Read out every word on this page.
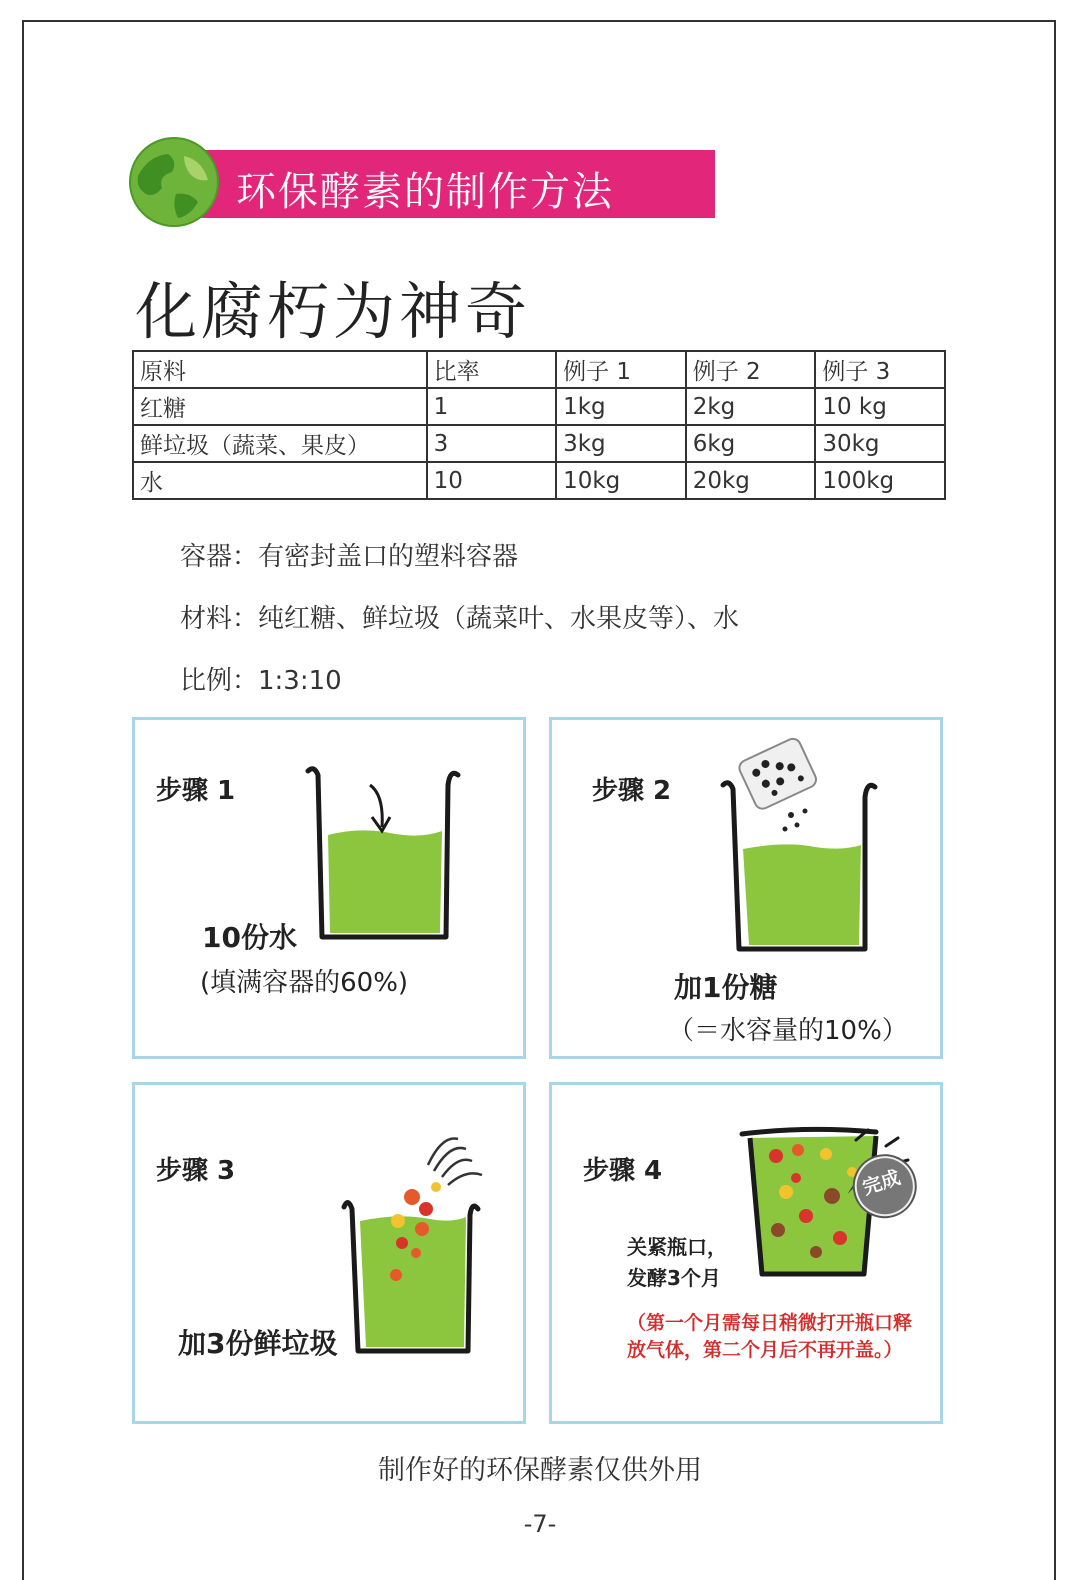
环保酵素的制作方法
化腐朽为神奇
原料	比率	例子 1	例子 2	例子 3
红糖	1	1kg	2kg	10 kg
鲜垃圾（蔬菜、果皮）	3	3kg	6kg	30kg
水	10	10kg	20kg	100kg
容器：有密封盖口的塑料容器
材料：纯红糖、鲜垃圾（蔬菜叶、水果皮等）、水
比例：1:3:10
步骤 1
10份水
(填满容器的60%)
步骤 2
加1份糖
（＝水容量的10%）
步骤 3
加3份鲜垃圾
步骤 4	完成
关紧瓶口，
发酵3个月
（第一个月需每日稍微打开瓶口释放气体，第二个月后不再开盖。）
制作好的环保酵素仅供外用
-7-
